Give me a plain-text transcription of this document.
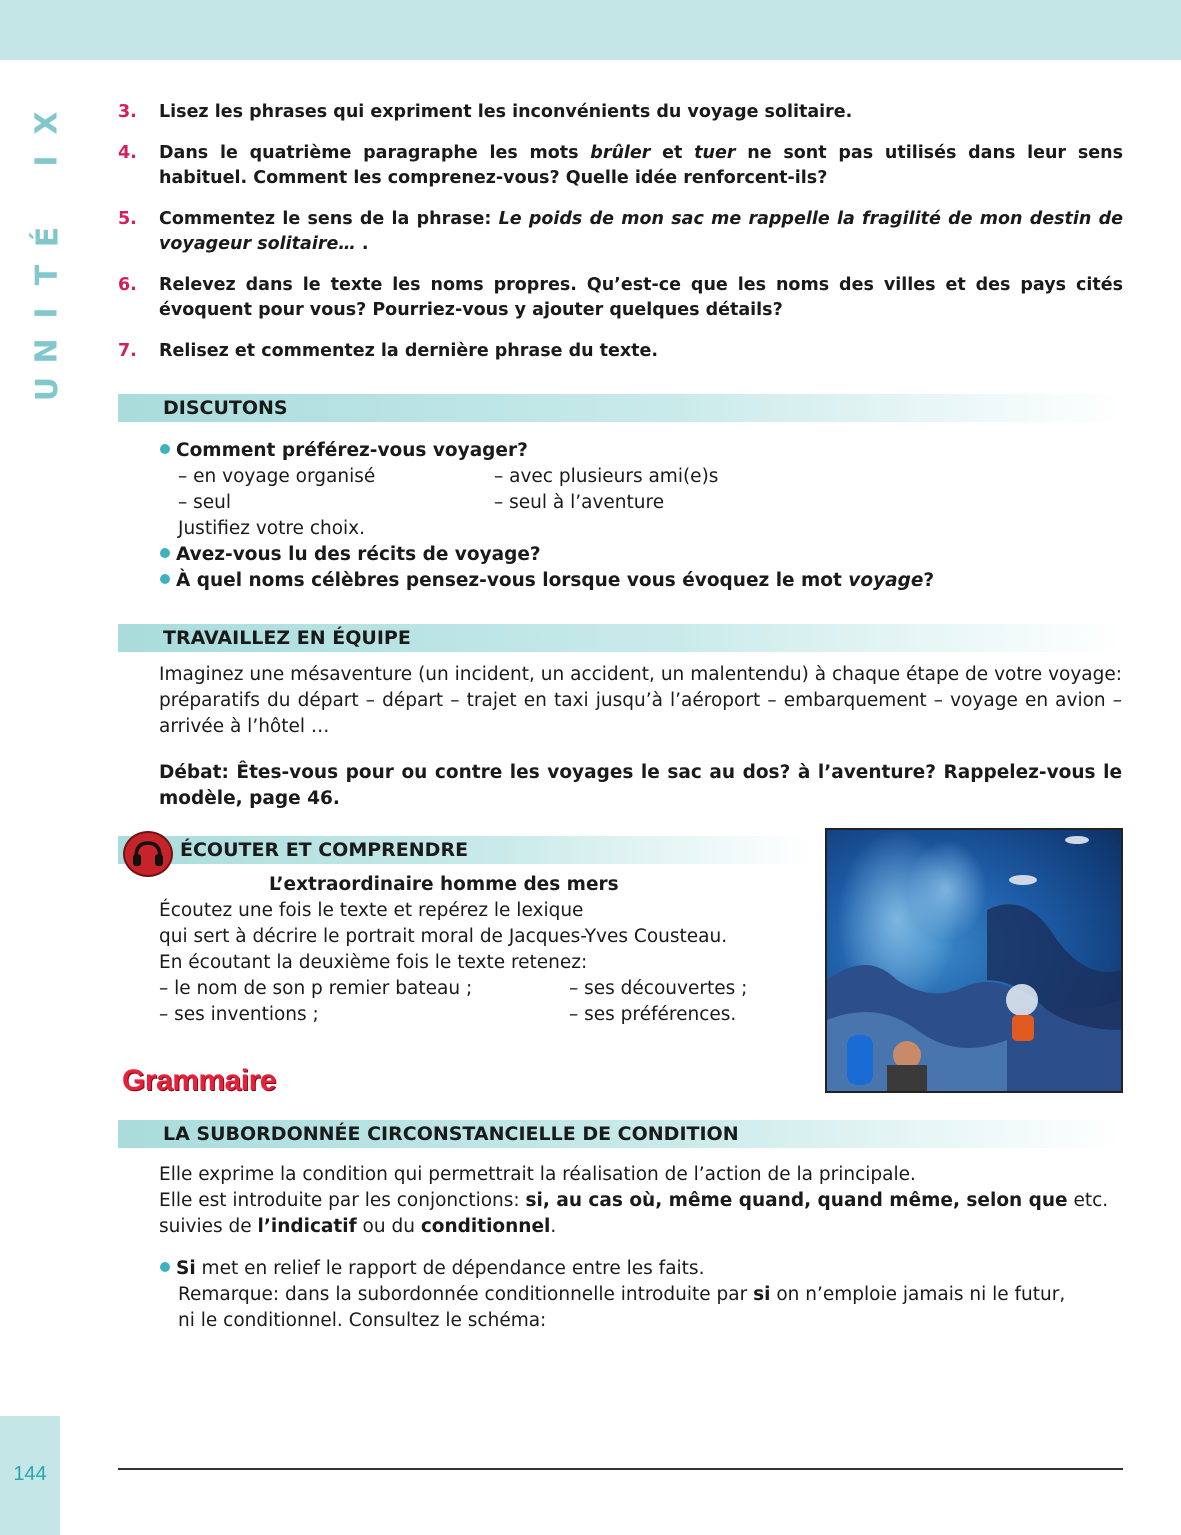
X
I

É
T
I
N
U
3.	Lisez les phrases qui expriment les inconvénients du voyage solitaire.
4.	Dans le quatrième paragraphe les mots brûler et tuer ne sont pas utilisés dans leur sens habituel. Comment les comprenez-vous? Quelle idée renforcent-ils?
5.	Commentez le sens de la phrase: Le poids de mon sac me rappelle la fragilité de mon destin de voyageur solitaire… .
6.	Relevez dans le texte les noms propres. Qu’est-ce que les noms des villes et des pays cités évoquent pour vous? Pourriez-vous y ajouter quelques détails?
7.	Relisez et commentez la dernière phrase du texte.
DISCUTONS
Comment préférez-vous voyager?
– en voyage organisé	– avec plusieurs ami(e)s
– seul	– seul à l’aventure
Justifiez votre choix.
Avez-vous lu des récits de voyage?
À quel noms célèbres pensez-vous lorsque vous évoquez le mot voyage?
TRAVAILLEZ EN ÉQUIPE
Imaginez une mésaventure (un incident, un accident, un malentendu) à chaque étape de votre voyage: préparatifs du départ – départ – trajet en taxi jusqu’à l’aéroport – embarquement – voyage en avion – arrivée à l’hôtel …
Débat: Êtes-vous pour ou contre les voyages le sac au dos? à l’aventure? Rappelez-vous le modèle, page 46.
ÉCOUTER ET COMPRENDRE
L’extraordinaire homme des mers
Écoutez une fois le texte et repérez le lexique
qui sert à décrire le portrait moral de Jacques-Yves Cousteau.
En écoutant la deuxième fois le texte retenez:
– le nom de son p remier bateau ;	– ses découvertes ;
– ses inventions ;	– ses préférences.
Grammaire
LA SUBORDONNÉE CIRCONSTANCIELLE DE CONDITION
Elle exprime la condition qui permettrait la réalisation de l’action de la principale.
Elle est introduite par les conjonctions: si, au cas où, même quand, quand même, selon que etc.
suivies de l’indicatif ou du conditionnel.
Si met en relief le rapport de dépendance entre les faits.
Remarque: dans la subordonnée conditionnelle introduite par si on n’emploie jamais ni le futur,
ni le conditionnel. Consultez le schéma:
144
